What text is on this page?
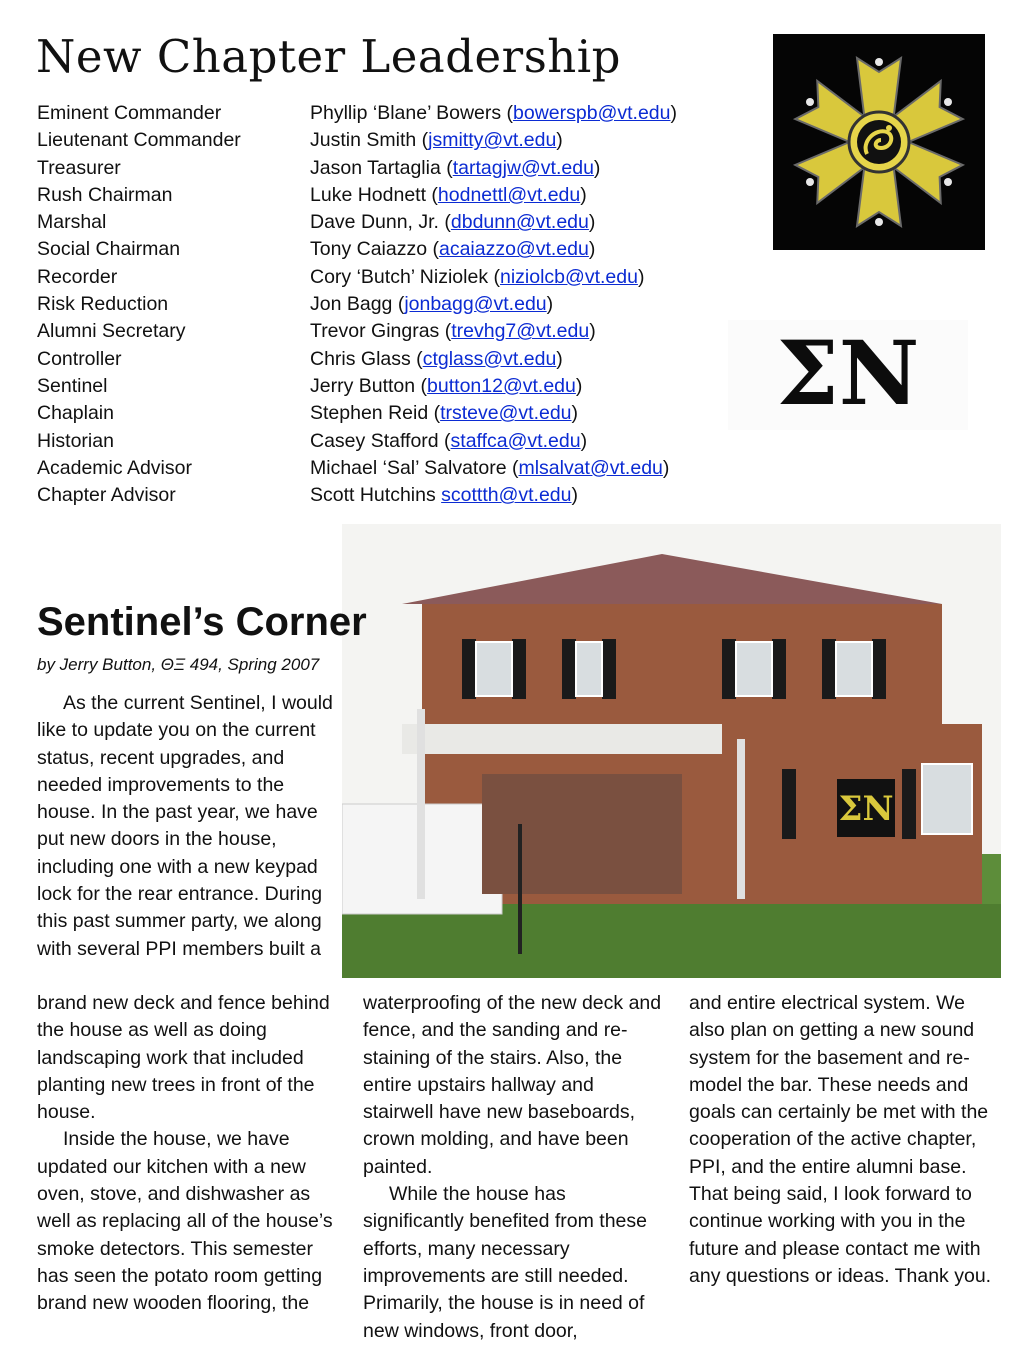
New Chapter Leadership
Eminent Commander	Phyllip ‘Blane’ Bowers (bowerspb@vt.edu)
Lieutenant Commander	Justin Smith (jsmitty@vt.edu)
Treasurer	Jason Tartaglia (tartagjw@vt.edu)
Rush Chairman	Luke Hodnett (hodnettl@vt.edu)
Marshal	Dave Dunn, Jr. (dbdunn@vt.edu)
Social Chairman	Tony Caiazzo (acaiazzo@vt.edu)
Recorder	Cory ‘Butch’ Niziolek (niziolcb@vt.edu)
Risk Reduction	Jon Bagg (jonbagg@vt.edu)
Alumni Secretary	Trevor Gingras (trevhg7@vt.edu)
Controller	Chris Glass (ctglass@vt.edu)
Sentinel	Jerry Button (button12@vt.edu)
Chaplain	Stephen Reid (trsteve@vt.edu)
Historian	Casey Stafford (staffca@vt.edu)
Academic Advisor	Michael ‘Sal’ Salvatore (mlsalvat@vt.edu)
Chapter Advisor	Scott Hutchins scottth@vt.edu)
ΣN
ΣN
Sentinel’s Corner
by Jerry Button, ΘΞ 494, Spring 2007

As the current Sentinel, I would like to update you on the current status, recent upgrades, and needed improvements to the house. In the past year, we have put new doors in the house, including one with a new keypad lock for the rear entrance. During this past summer party, we along with several PPI members built a

brand new deck and fence behind the house as well as doing landscaping work that included planting new trees in front of the house.

Inside the house, we have updated our kitchen with a new oven, stove, and dishwasher as well as replacing all of the house’s smoke detectors. This semester has seen the potato room getting brand new wooden flooring, the

waterproofing of the new deck and fence, and the sanding and re-staining of the stairs. Also, the entire upstairs hallway and stairwell have new baseboards, crown molding, and have been painted.

While the house has significantly benefited from these efforts, many necessary improvements are still needed. Primarily, the house is in need of new windows, front door,

and entire electrical system. We also plan on getting a new sound system for the basement and re-model the bar. These needs and goals can certainly be met with the cooperation of the active chapter, PPI, and the entire alumni base. That being said, I look forward to continue working with you in the future and please contact me with any questions or ideas. Thank you.
